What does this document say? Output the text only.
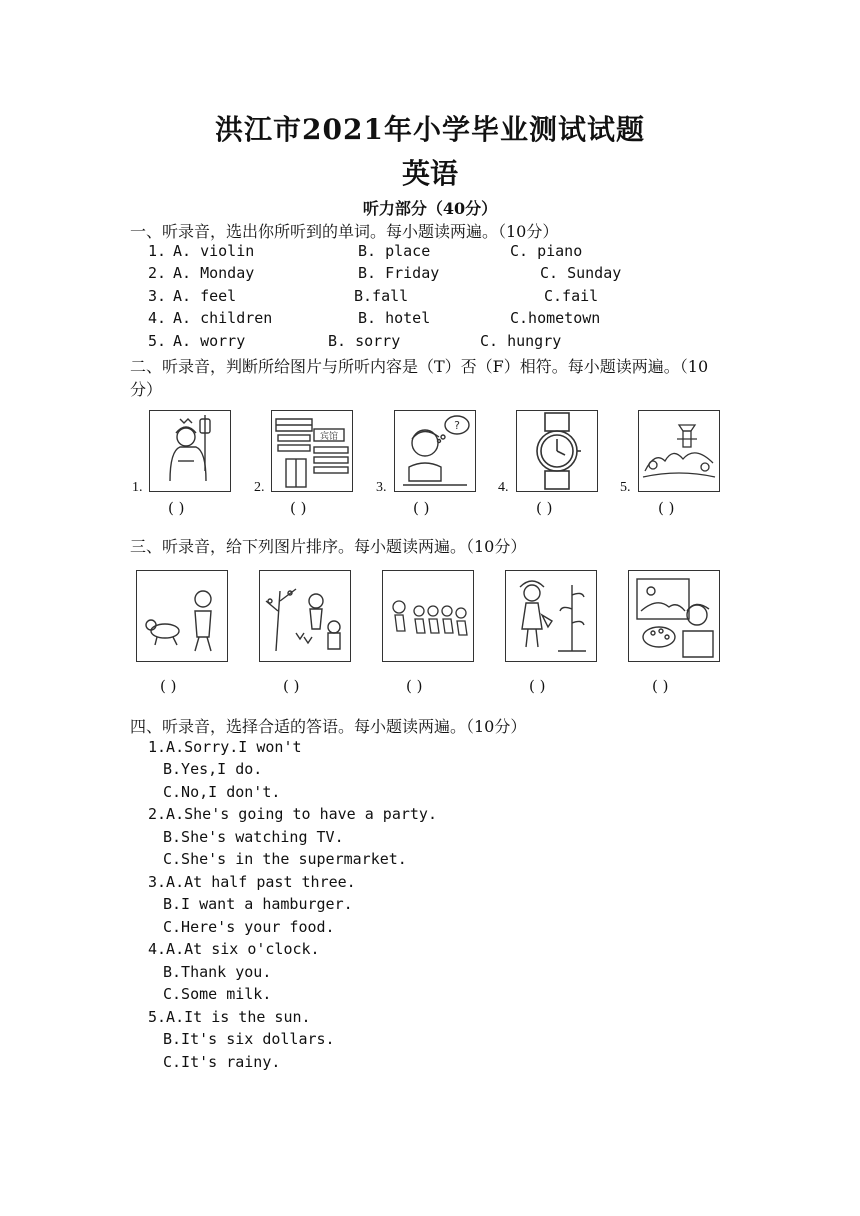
洪江市2021年小学毕业测试试题
英语
听力部分（40分）
一、听录音，选出你所听到的单词。每小题读两遍。（10分）
1. A. violin	B. place	C. piano
2. A. Monday	B. Friday	C. Sunday
3. A. feel	B.fall	C.fail
4. A. children	B. hotel	C.hometown
5. A. worry	B. sorry	C. hungry
二、听录音，判断所给图片与所听内容是（T）否（F）相符。每小题读两遍。（10
分）
1.
( )
2.
宾馆
( )
3.
?
( )
4.
( )
5.
( )
三、听录音，给下列图片排序。每小题读两遍。（10分）
( )	( )	( )	( )	( )
四、听录音，选择合适的答语。每小题读两遍。（10分）
1.A.Sorry.I won't
B.Yes,I do.
C.No,I don't.
2.A.She's going to have a party.
B.She's watching TV.
C.She's in the supermarket.
3.A.At half past three.
B.I want a hamburger.
C.Here's your food.
4.A.At six o'clock.
B.Thank you.
C.Some milk.
5.A.It is the sun.
B.It's six dollars.
C.It's rainy.
